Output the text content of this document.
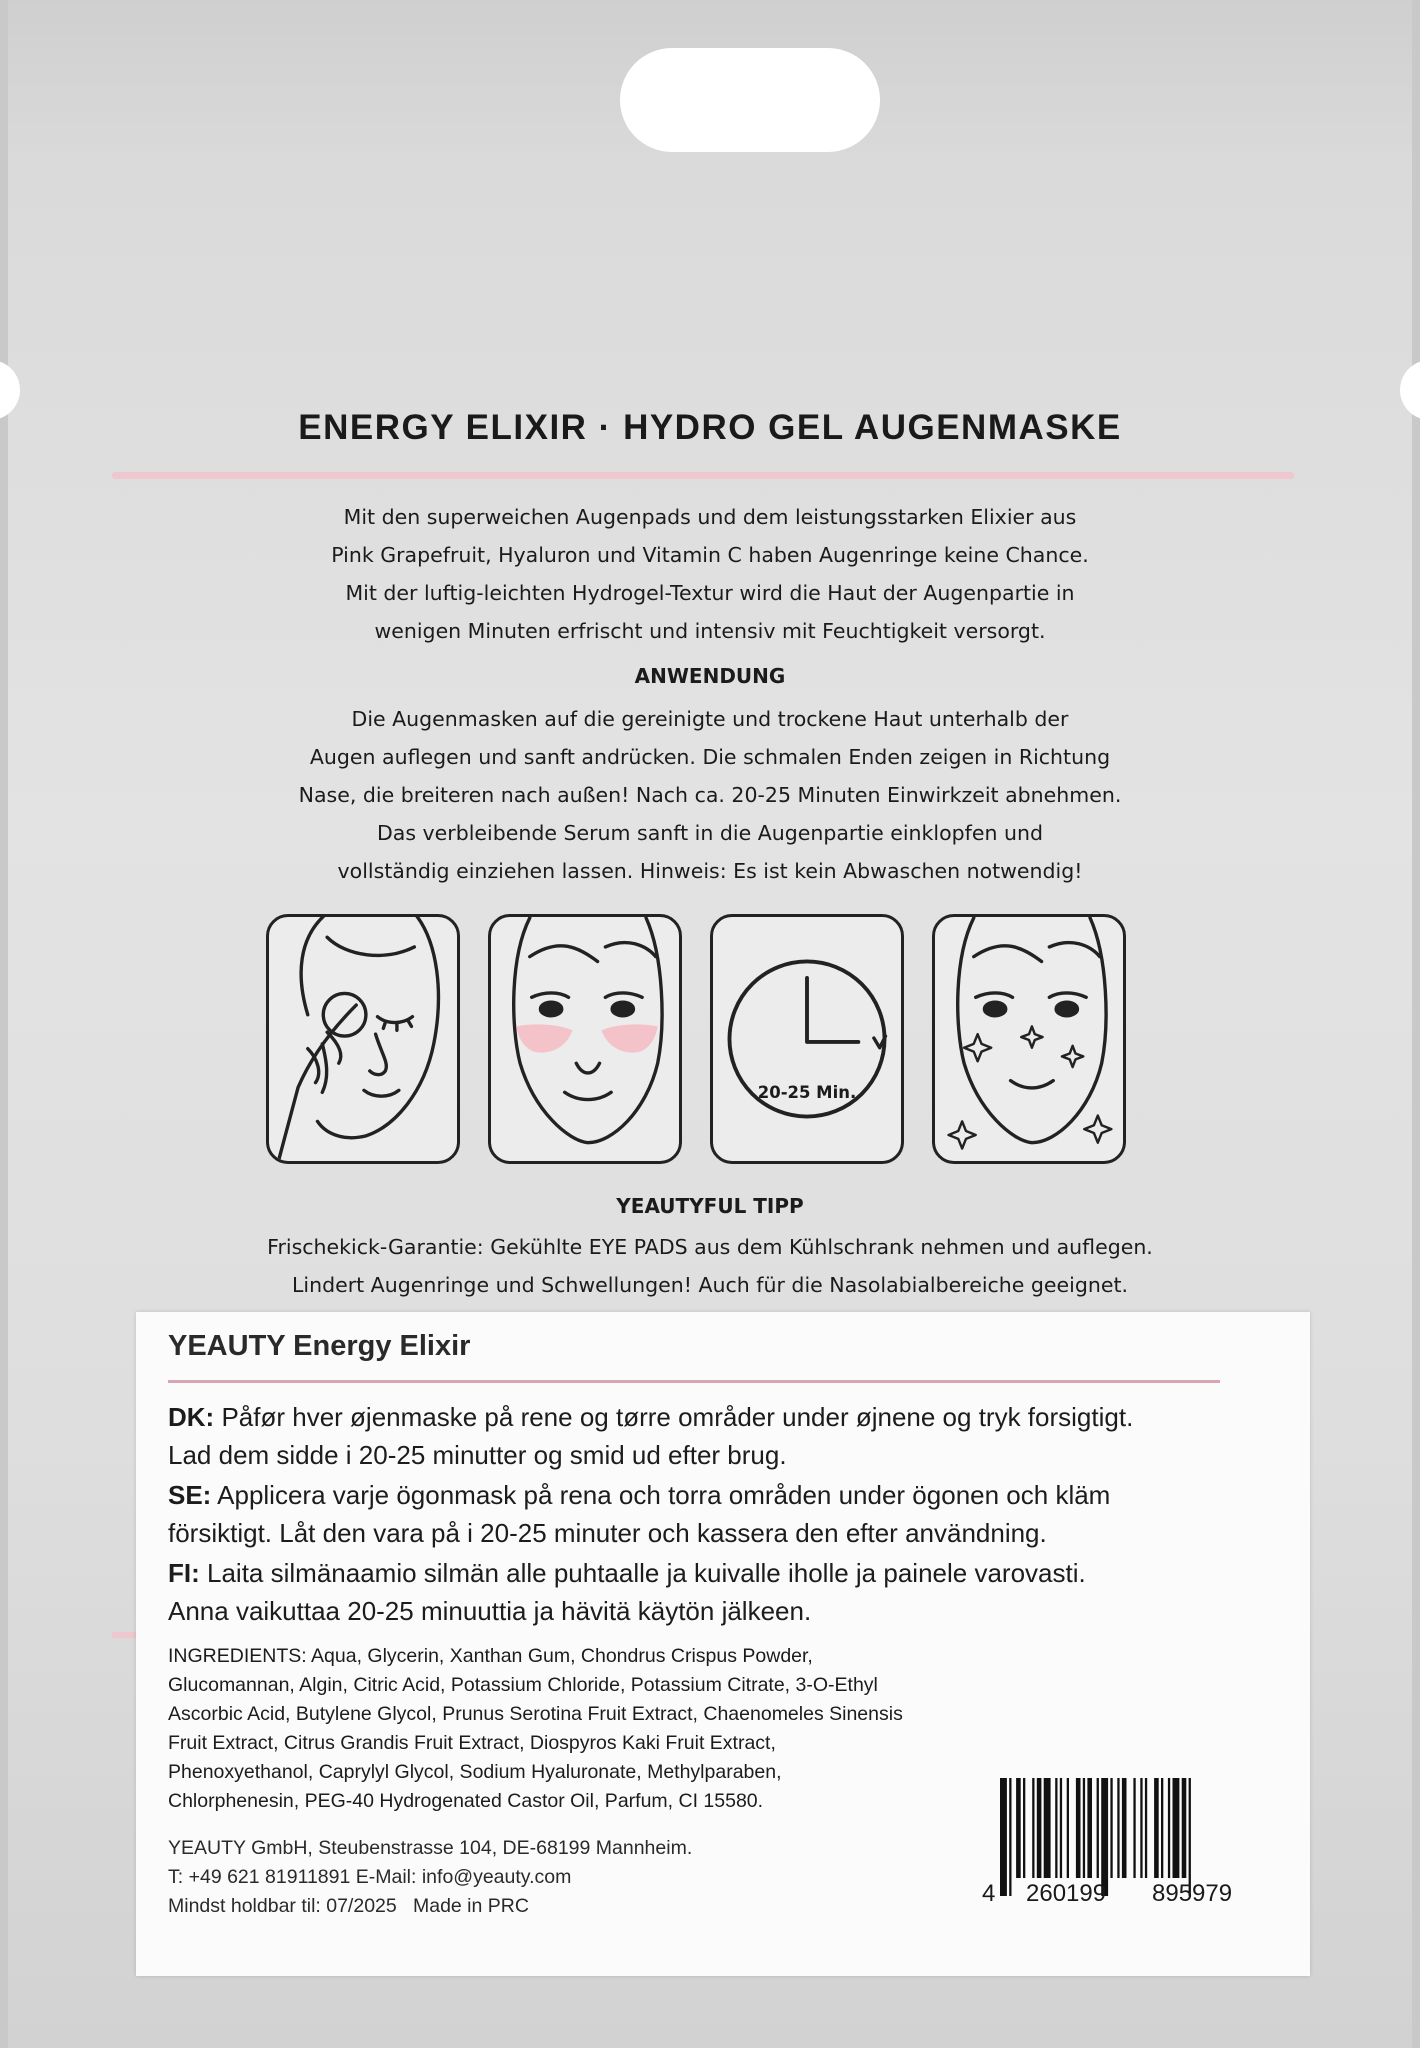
ENERGY ELIXIR · HYDRO GEL AUGENMASKE

Mit den superweichen Augenpads und dem leistungsstarken Elixier aus

Pink Grapefruit, Hyaluron und Vitamin C haben Augenringe keine Chance.

Mit der luftig-leichten Hydrogel-Textur wird die Haut der Augenpartie in

wenigen Minuten erfrischt und intensiv mit Feuchtigkeit versorgt.

ANWENDUNG

Die Augenmasken auf die gereinigte und trockene Haut unterhalb der

Augen auflegen und sanft andrücken. Die schmalen Enden zeigen in Richtung

Nase, die breiteren nach außen! Nach ca. 20-25 Minuten Einwirkzeit abnehmen.

Das verbleibende Serum sanft in die Augenpartie einklopfen und

vollständig einziehen lassen. Hinweis: Es ist kein Abwaschen notwendig!

20-25 Min.
YEAUTYFUL TIPP

Frischekick-Garantie: Gekühlte EYE PADS aus dem Kühlschrank nehmen und auflegen.

Lindert Augenringe und Schwellungen! Auch für die Nasolabialbereiche geeignet.

YEAUTY Energy Elixir

DK: Påfør hver øjenmaske på rene og tørre områder under øjnene og tryk forsigtigt.

Lad dem sidde i 20-25 minutter og smid ud efter brug.

SE: Applicera varje ögonmask på rena och torra områden under ögonen och kläm

försiktigt. Låt den vara på i 20-25 minuter och kassera den efter användning.

FI: Laita silmänaamio silmän alle puhtaalle ja kuivalle iholle ja painele varovasti.

Anna vaikuttaa 20-25 minuuttia ja hävitä käytön jälkeen.

INGREDIENTS: Aqua, Glycerin, Xanthan Gum, Chondrus Crispus Powder,

Glucomannan, Algin, Citric Acid, Potassium Chloride, Potassium Citrate, 3-O-Ethyl

Ascorbic Acid, Butylene Glycol, Prunus Serotina Fruit Extract, Chaenomeles Sinensis

Fruit Extract, Citrus Grandis Fruit Extract, Diospyros Kaki Fruit Extract,

Phenoxyethanol, Caprylyl Glycol, Sodium Hyaluronate, Methylparaben,

Chlorphenesin, PEG-40 Hydrogenated Castor Oil, Parfum, CI 15580.

YEAUTY GmbH, Steubenstrasse 104, DE-68199 Mannheim.

T: +49 621 81911891 E-Mail: info@yeauty.com

Mindst holdbar til: 07/2025   Made in PRC	4 260199 895979
